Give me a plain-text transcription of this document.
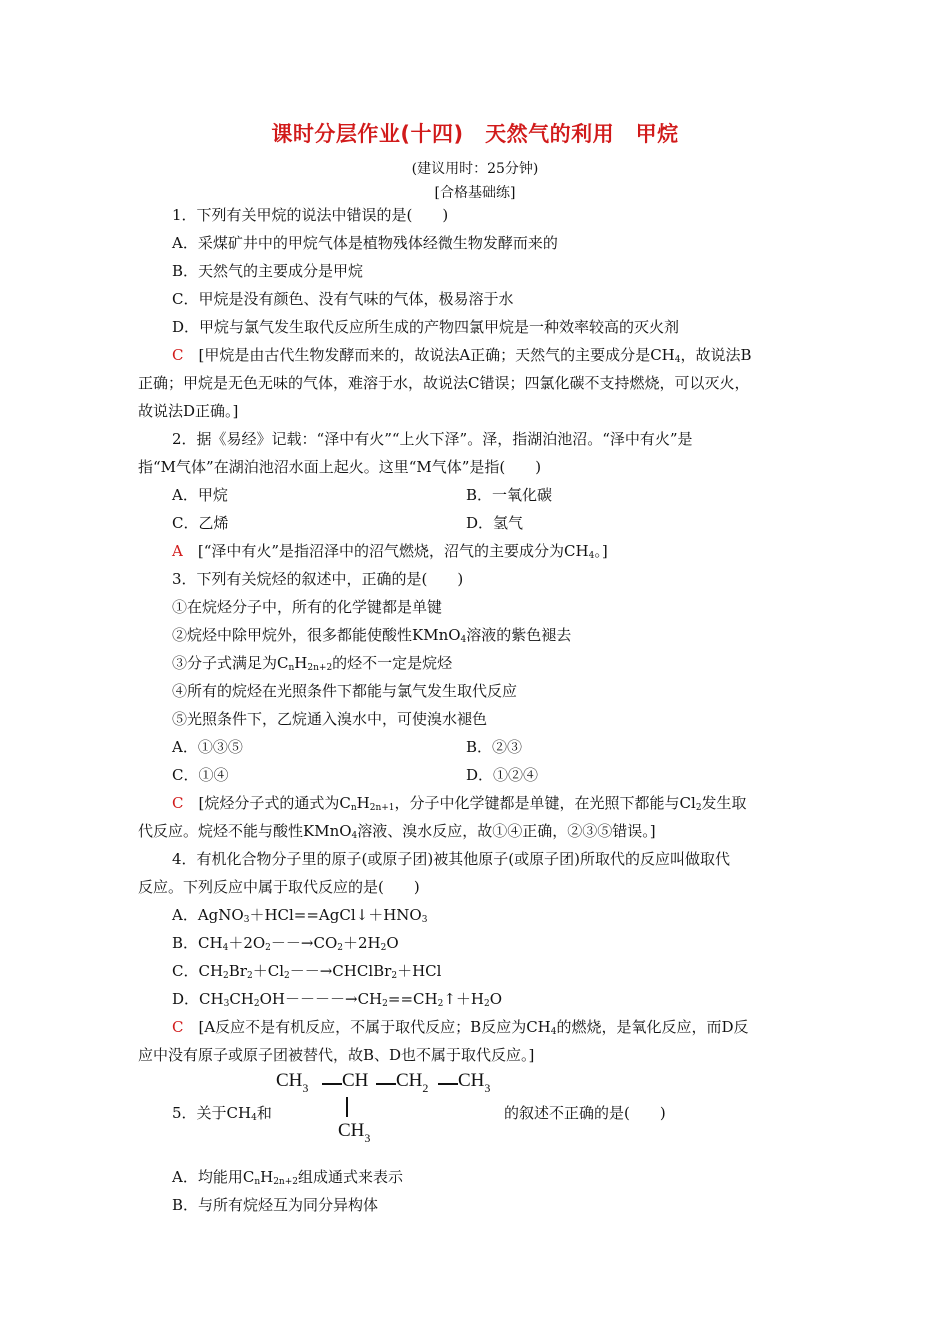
课时分层作业(十四)　天然气的利用　甲烷
(建议用时：25分钟)
[合格基础练]
1．下列有关甲烷的说法中错误的是(　　)
A．采煤矿井中的甲烷气体是植物残体经微生物发酵而来的
B．天然气的主要成分是甲烷
C．甲烷是没有颜色、没有气味的气体，极易溶于水
D．甲烷与氯气发生取代反应所生成的产物四氯甲烷是一种效率较高的灭火剂
C　 [甲烷是由古代生物发酵而来的，故说法A正确；天然气的主要成分是$CH_4$，故说法B
正确；甲烷是无色无味的气体，难溶于水，故说法C错误；四氯化碳不支持燃烧，可以灭火，
故说法D正确。]
2．据《易经》记载：“泽中有火”“上火下泽”。泽，指湖泊池沼。“泽中有火”是
指“M气体”在湖泊池沼水面上起火。这里“M气体”是指(　　)
A．甲烷	B．一氧化碳
C．乙烯	D．氢气
A　 [“泽中有火”是指沼泽中的沼气燃烧，沼气的主要成分为$CH_4$。]
3．下列有关烷烃的叙述中，正确的是(　　)
①在烷烃分子中，所有的化学键都是单键
②烷烃中除甲烷外，很多都能使酸性KMnO$_4$溶液的紫色褪去
③分子式满足为$C_nH_{2n+2}$的烃不一定是烷烃
④所有的烷烃在光照条件下都能与氯气发生取代反应
⑤光照条件下，乙烷通入溴水中，可使溴水褪色
A．①③⑤	B．②③
C．①④	D．①②④
C　 [烷烃分子式的通式为$C_nH_{2n+1}$，分子中化学键都是单键，在光照下都能与$Cl_2$发生取
代反应。烷烃不能与酸性KMnO$_4$溶液、溴水反应，故①④正确，②③⑤错误。]
4．有机化合物分子里的原子(或原子团)被其他原子(或原子团)所取代的反应叫做取代
反应。下列反应中属于取代反应的是(　　)
A．$AgNO_3+HCl==AgCl↓+HNO_3$
B．$CH_4+2O_2--\to CO_2+2H_2O$
C．$CH_2Br_2+Cl_2--\to CHClBr_2+HCl$
D．$CH_3CH_2OH----\to CH_2==CH_2↑+H_2O$
C　 [A反应不是有机反应，不属于取代反应；B反应为$CH_4$的燃烧，是氧化反应，而D反
应中没有原子或原子团被替代，故B、D也不属于取代反应。]
5．关于$CH_4$和
$CH_3$ CH $CH_2$ $CH_3$
$CH_3$
的叙述不正确的是(　　)
A．均能用$C_nH_{2n+2}$组成通式来表示
B．与所有烷烃互为同分异构体
